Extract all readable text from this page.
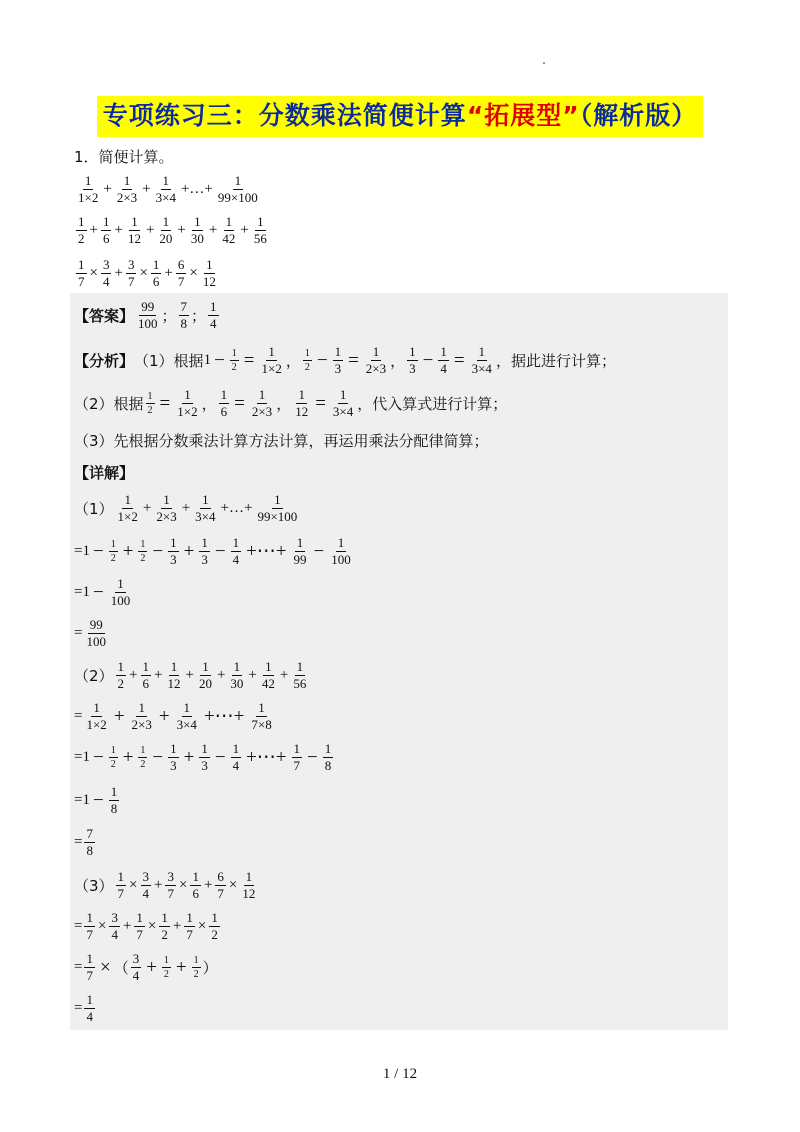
专项练习三：分数乘法简便计算“拓展型”（解析版）
1．简便计算。
$\frac{1}{1\times 2} + \frac{1}{2\times 3} + \frac{1}{3\times 4}$ +…+ $\frac{1}{99\times 100}$
$\frac{1}{2} + \frac{1}{6} + \frac{1}{12} + \frac{1}{20} + \frac{1}{30} + \frac{1}{42} + \frac{1}{56}$
$\frac{1}{7} \times \frac{3}{4} + \frac{3}{7} \times \frac{1}{6} + \frac{6}{7} \times \frac{1}{12}$
【答案】 $\frac{99}{100}$ ； $\frac{7}{8}$ ； $\frac{1}{4}$
【分析】 （1）根据 $1 - \frac{1}{2} = \frac{1}{1\times 2}$ ， $\frac{1}{2} - \frac{1}{3} = \frac{1}{2\times 3}$ ， $\frac{1}{3} - \frac{1}{4} = \frac{1}{3\times 4}$ ，据此进行计算；
（2）根据 $\frac{1}{2} = \frac{1}{1\times 2}$ ， $\frac{1}{6} = \frac{1}{2\times 3}$ ， $\frac{1}{12} = \frac{1}{3\times 4}$ ，代入算式进行计算；
（3）先根据分数乘法计算方法计算，再运用乘法分配律简算；
【详解】
$(1) \frac{1}{1\times 2} + \frac{1}{2\times 3} + \frac{1}{3\times 4}$ +…+ $\frac{1}{99\times 100}$
= $1 - \frac{1}{2} + \frac{1}{2} - \frac{1}{3} + \frac{1}{3} - \frac{1}{4}$ +⋯+ $\frac{1}{99} - \frac{1}{100}$
= $1 - \frac{1}{100}$
= $\frac{99}{100}$
$(2) \frac{1}{2} + \frac{1}{6} + \frac{1}{12} + \frac{1}{20} + \frac{1}{30} + \frac{1}{42} + \frac{1}{56}$
= $\frac{1}{1\times 2} + \frac{1}{2\times 3} + \frac{1}{3\times 4}$ +⋯+ $\frac{1}{7\times 8}$
= $1 - \frac{1}{2} + \frac{1}{2} - \frac{1}{3} + \frac{1}{3} - \frac{1}{4}$ +⋯+ $\frac{1}{7} - \frac{1}{8}$
= $1 - \frac{1}{8}$
= $\frac{7}{8}$
$(3) \frac{1}{7} \times \frac{3}{4} + \frac{3}{7} \times \frac{1}{6} + \frac{6}{7} \times \frac{1}{12}$
= $\frac{1}{7} \times \frac{3}{4} + \frac{1}{7} \times \frac{1}{2} + \frac{1}{7} \times \frac{1}{2}$
= $\frac{1}{7}$ × （ $\frac{3}{4} + \frac{1}{2} + \frac{1}{2}$ ）
= $\frac{1}{4}$
1 / 12
